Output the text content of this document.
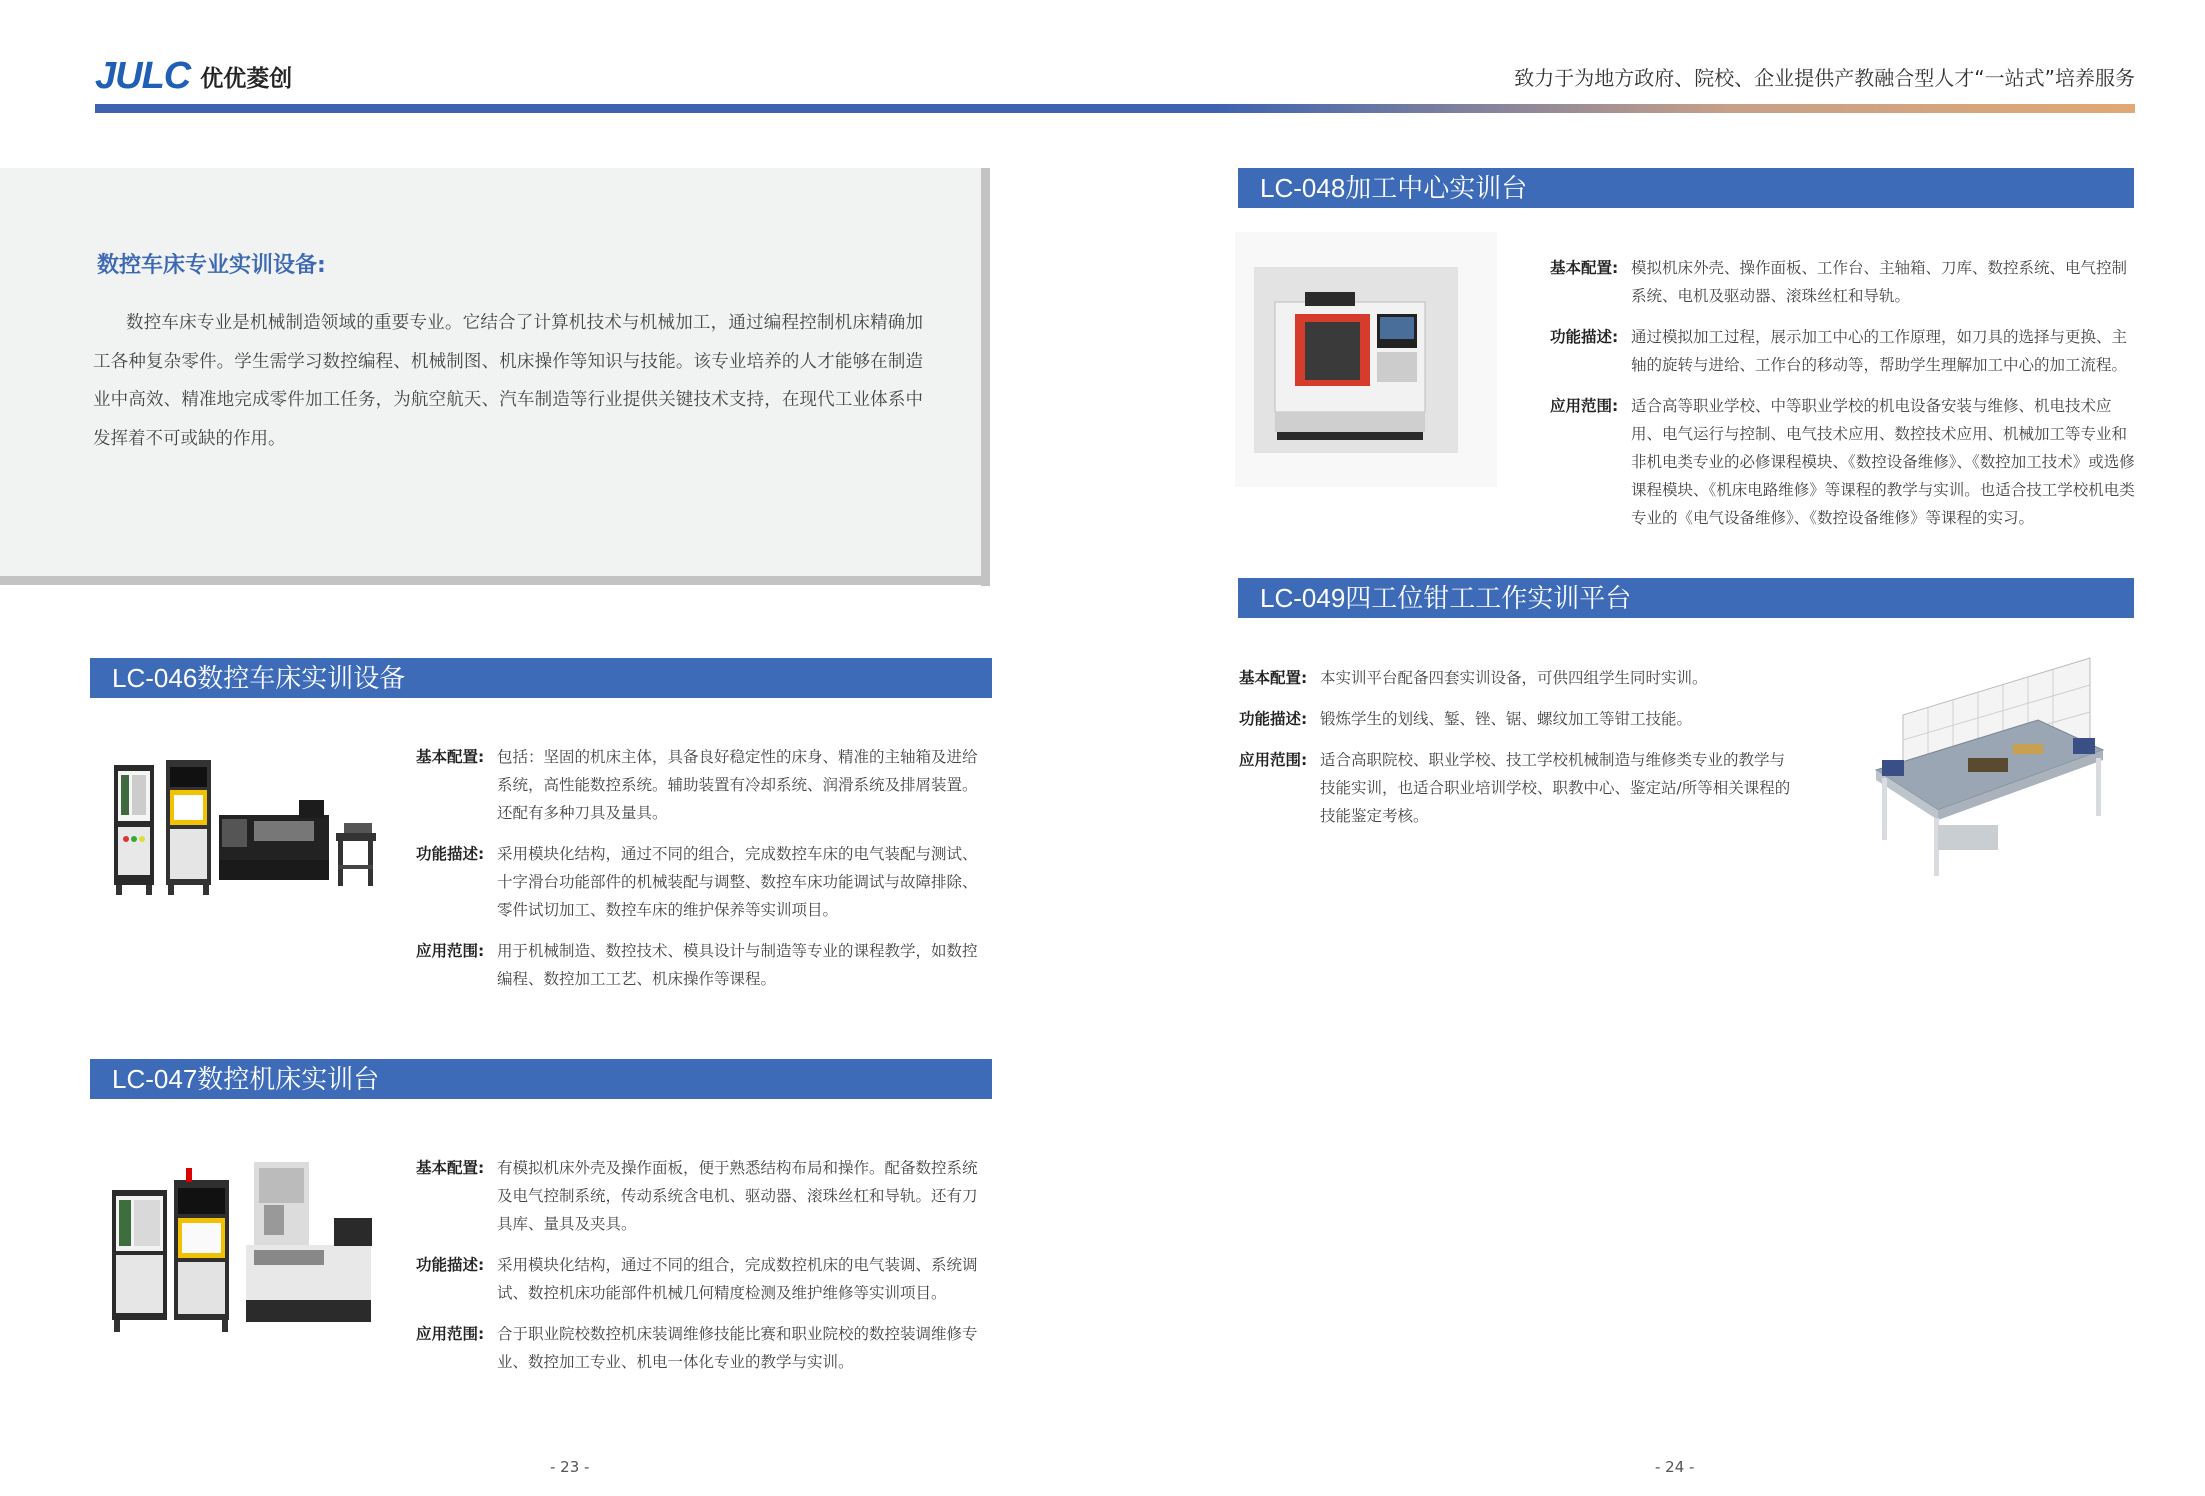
JULC 优优菱创	致力于为地方政府、院校、企业提供产教融合型人才“一站式”培养服务
数控车床专业实训设备:
数控车床专业是机械制造领域的重要专业。它结合了计算机技术与机械加工，通过编程控制机床精确加工各种复杂零件。学生需学习数控编程、机械制图、机床操作等知识与技能。该专业培养的人才能够在制造业中高效、精准地完成零件加工任务，为航空航天、汽车制造等行业提供关键技术支持，在现代工业体系中发挥着不可或缺的作用。
LC-046数控车床实训设备
基本配置: 包括：坚固的机床主体，具备良好稳定性的床身、精准的主轴箱及进给系统，高性能数控系统。辅助装置有冷却系统、润滑系统及排屑装置。还配有多种刀具及量具。
功能描述: 采用模块化结构，通过不同的组合，完成数控车床的电气装配与测试、十字滑台功能部件的机械装配与调整、数控车床功能调试与故障排除、零件试切加工、数控车床的维护保养等实训项目。
应用范围: 用于机械制造、数控技术、模具设计与制造等专业的课程教学，如数控编程、数控加工工艺、机床操作等课程。
LC-047数控机床实训台
基本配置: 有模拟机床外壳及操作面板，便于熟悉结构布局和操作。配备数控系统及电气控制系统，传动系统含电机、驱动器、滚珠丝杠和导轨。还有刀具库、量具及夹具。
功能描述: 采用模块化结构，通过不同的组合，完成数控机床的电气装调、系统调试、数控机床功能部件机械几何精度检测及维护维修等实训项目。
应用范围: 合于职业院校数控机床装调维修技能比赛和职业院校的数控装调维修专业、数控加工专业、机电一体化专业的教学与实训。
LC-048加工中心实训台
基本配置: 模拟机床外壳、操作面板、工作台、主轴箱、刀库、数控系统、电气控制系统、电机及驱动器、滚珠丝杠和导轨。
功能描述: 通过模拟加工过程，展示加工中心的工作原理，如刀具的选择与更换、主轴的旋转与进给、工作台的移动等，帮助学生理解加工中心的加工流程。
应用范围: 适合高等职业学校、中等职业学校的机电设备安装与维修、机电技术应用、电气运行与控制、电气技术应用、数控技术应用、机械加工等专业和非机电类专业的必修课程模块、《数控设备维修》、《数控加工技术》或选修课程模块、《机床电路维修》等课程的教学与实训。也适合技工学校机电类专业的《电气设备维修》、《数控设备维修》等课程的实习。
LC-049四工位钳工工作实训平台
基本配置: 本实训平台配备四套实训设备，可供四组学生同时实训。
功能描述: 锻炼学生的划线、錾、锉、锯、螺纹加工等钳工技能。
应用范围: 适合高职院校、职业学校、技工学校机械制造与维修类专业的教学与技能实训，也适合职业培训学校、职教中心、鉴定站/所等相关课程的技能鉴定考核。
- 23 -	- 24 -
